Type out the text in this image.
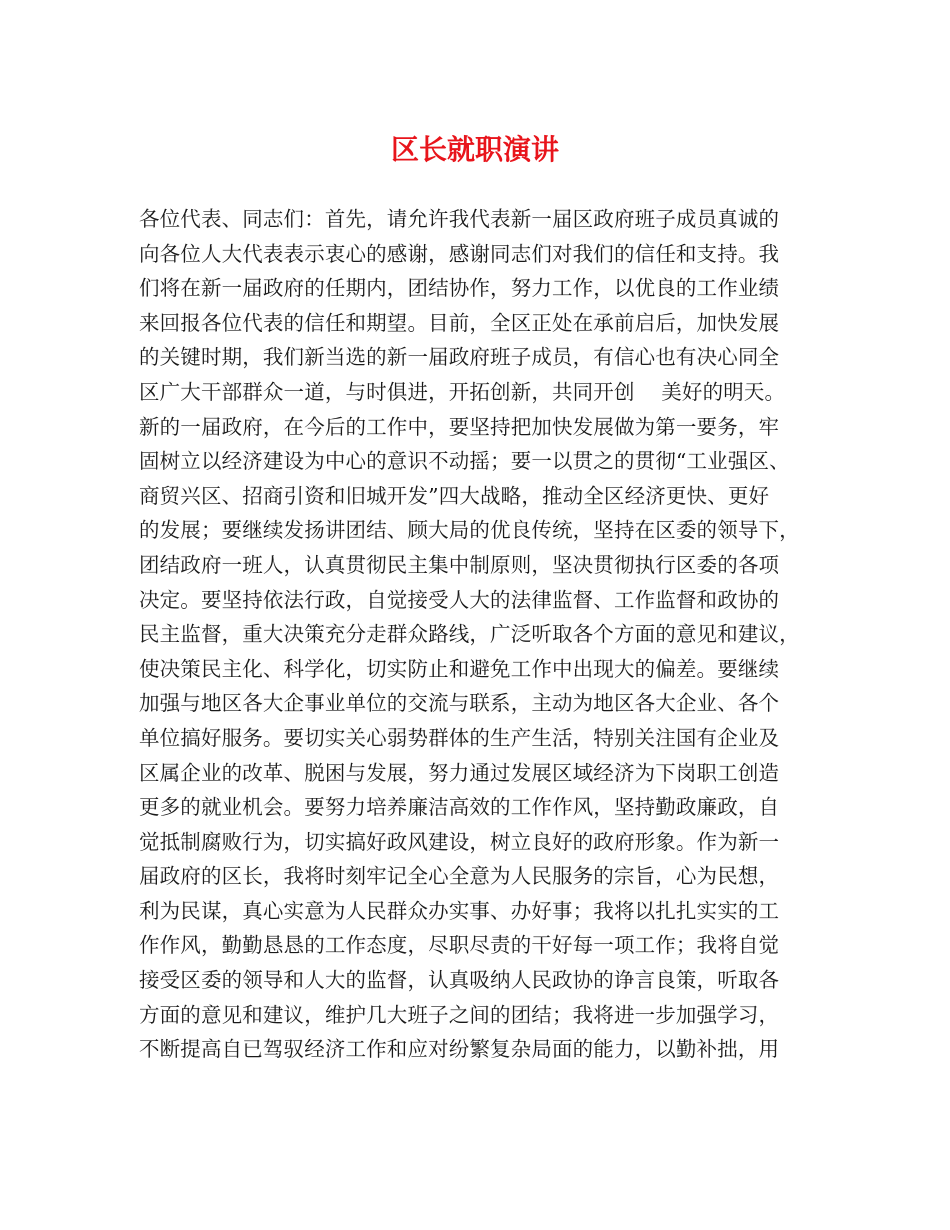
区长就职演讲
各位代表、同志们：首先，请允许我代表新一届区政府班子成员真诚的
向各位人大代表表示衷心的感谢，感谢同志们对我们的信任和支持。我
们将在新一届政府的任期内，团结协作，努力工作，以优良的工作业绩
来回报各位代表的信任和期望。目前，全区正处在承前启后，加快发展
的关键时期，我们新当选的新一届政府班子成员，有信心也有决心同全
区广大干部群众一道，与时俱进，开拓创新，共同开创    美好的明天。
新的一届政府，在今后的工作中，要坚持把加快发展做为第一要务，牢
固树立以经济建设为中心的意识不动摇；要一以贯之的贯彻“工业强区、
商贸兴区、招商引资和旧城开发”四大战略，推动全区经济更快、更好
的发展；要继续发扬讲团结、顾大局的优良传统，坚持在区委的领导下，
团结政府一班人，认真贯彻民主集中制原则，坚决贯彻执行区委的各项
决定。要坚持依法行政，自觉接受人大的法律监督、工作监督和政协的
民主监督，重大决策充分走群众路线，广泛听取各个方面的意见和建议，
使决策民主化、科学化，切实防止和避免工作中出现大的偏差。要继续
加强与地区各大企事业单位的交流与联系，主动为地区各大企业、各个
单位搞好服务。要切实关心弱势群体的生产生活，特别关注国有企业及
区属企业的改革、脱困与发展，努力通过发展区域经济为下岗职工创造
更多的就业机会。要努力培养廉洁高效的工作作风，坚持勤政廉政，自
觉抵制腐败行为，切实搞好政风建设，树立良好的政府形象。作为新一
届政府的区长，我将时刻牢记全心全意为人民服务的宗旨，心为民想，
利为民谋，真心实意为人民群众办实事、办好事；我将以扎扎实实的工
作作风，勤勤恳恳的工作态度，尽职尽责的干好每一项工作；我将自觉
接受区委的领导和人大的监督，认真吸纳人民政协的诤言良策，听取各
方面的意见和建议，维护几大班子之间的团结；我将进一步加强学习，
不断提高自已驾驭经济工作和应对纷繁复杂局面的能力，以勤补拙，用
